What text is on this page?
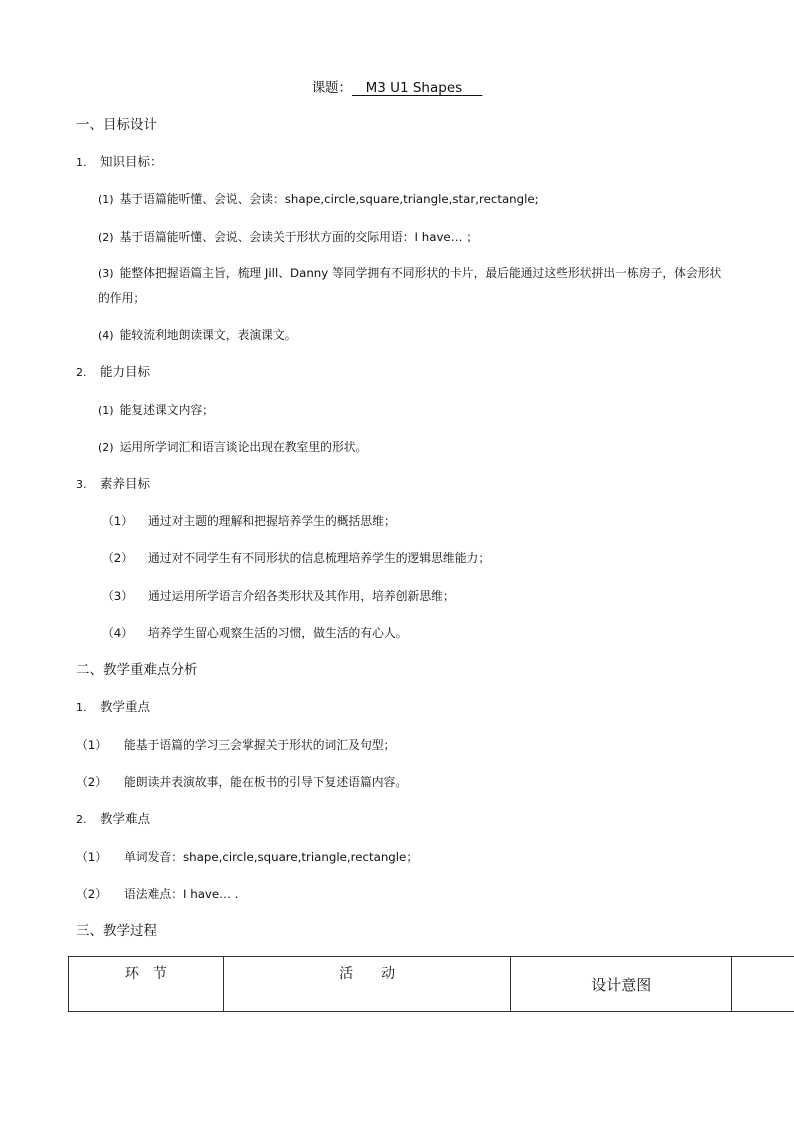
课题：  M3 U1 Shapes  
一、目标设计
1. 知识目标：
(1) 基于语篇能听懂、会说、会读：shape,circle,square,triangle,star,rectangle;
(2) 基于语篇能听懂、会说、会读关于形状方面的交际用语：I have… ；
(3) 能整体把握语篇主旨，梳理 Jill、Danny 等同学拥有不同形状的卡片，最后能通过这些形状拼出一栋房子，体会形状的作用；
(4) 能较流利地朗读课文，表演课文。
2. 能力目标
(1) 能复述课文内容；
(2) 运用所学词汇和语言谈论出现在教室里的形状。
3. 素养目标
（1） 通过对主题的理解和把握培养学生的概括思维；
（2） 通过对不同学生有不同形状的信息梳理培养学生的逻辑思维能力；
（3） 通过运用所学语言介绍各类形状及其作用，培养创新思维；
（4） 培养学生留心观察生活的习惯，做生活的有心人。
二、教学重难点分析
1. 教学重点
（1） 能基于语篇的学习三会掌握关于形状的词汇及句型；
（2） 能朗读并表演故事，能在板书的引导下复述语篇内容。
2. 教学难点
（1） 单词发音：shape,circle,square,triangle,rectangle；
（2） 语法难点：I have… .
三、教学过程
环　节	活　　动	设计意图	
